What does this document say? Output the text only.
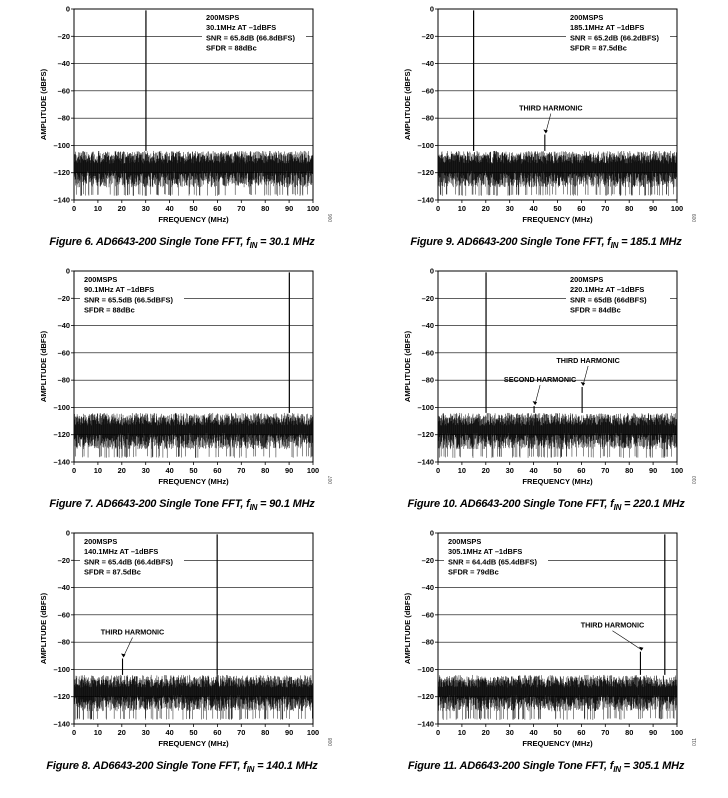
200MSPS
30.1MHz AT –1dBFS
SNR = 65.8dB (66.8dBFS)
SFDR = 88dBc
0 10 20 30 40 50 60 70 80 90 100
0
–20
–40
–60
–80
–100
–120
–140
FREQUENCY (MHz)
AMPLITUDE (dBFS)
006
Figure 6. AD6643-200 Single Tone FFT, $f_{IN} = 30.1$ MHz
THIRD HARMONIC
200MSPS
185.1MHz AT –1dBFS
SNR = 65.2dB (66.2dBFS)
SFDR = 87.5dBc
0 10 20 30 40 50 60 70 80 90 100
0
–20
–40
–60
–80
–100
–120
–140
FREQUENCY (MHz)
AMPLITUDE (dBFS)
009
Figure 9. AD6643-200 Single Tone FFT, $f_{IN} = 185.1$ MHz
200MSPS
90.1MHz AT –1dBFS
SNR = 65.5dB (66.5dBFS)
SFDR = 88dBc
0 10 20 30 40 50 60 70 80 90 100
0
–20
–40
–60
–80
–100
–120
–140
FREQUENCY (MHz)
AMPLITUDE (dBFS)
007
Figure 7. AD6643-200 Single Tone FFT, $f_{IN} = 90.1$ MHz
SECOND HARMONIC
THIRD HARMONIC
200MSPS
220.1MHz AT –1dBFS
SNR = 65dB (66dBFS)
SFDR = 84dBc
0 10 20 30 40 50 60 70 80 90 100
0
–20
–40
–60
–80
–100
–120
–140
FREQUENCY (MHz)
AMPLITUDE (dBFS)
010
Figure 10. AD6643-200 Single Tone FFT, $f_{IN} = 220.1$ MHz
THIRD HARMONIC
200MSPS
140.1MHz AT –1dBFS
SNR = 65.4dB (66.4dBFS)
SFDR = 87.5dBc
0 10 20 30 40 50 60 70 80 90 100
0
–20
–40
–60
–80
–100
–120
–140
FREQUENCY (MHz)
AMPLITUDE (dBFS)
008
Figure 8. AD6643-200 Single Tone FFT, $f_{IN} = 140.1$ MHz
THIRD HARMONIC
200MSPS
305.1MHz AT –1dBFS
SNR = 64.4dB (65.4dBFS)
SFDR = 79dBc
0 10 20 30 40 50 60 70 80 90 100
0
–20
–40
–60
–80
–100
–120
–140
FREQUENCY (MHz)
AMPLITUDE (dBFS)
011
Figure 11. AD6643-200 Single Tone FFT, $f_{IN} = 305.1$ MHz
